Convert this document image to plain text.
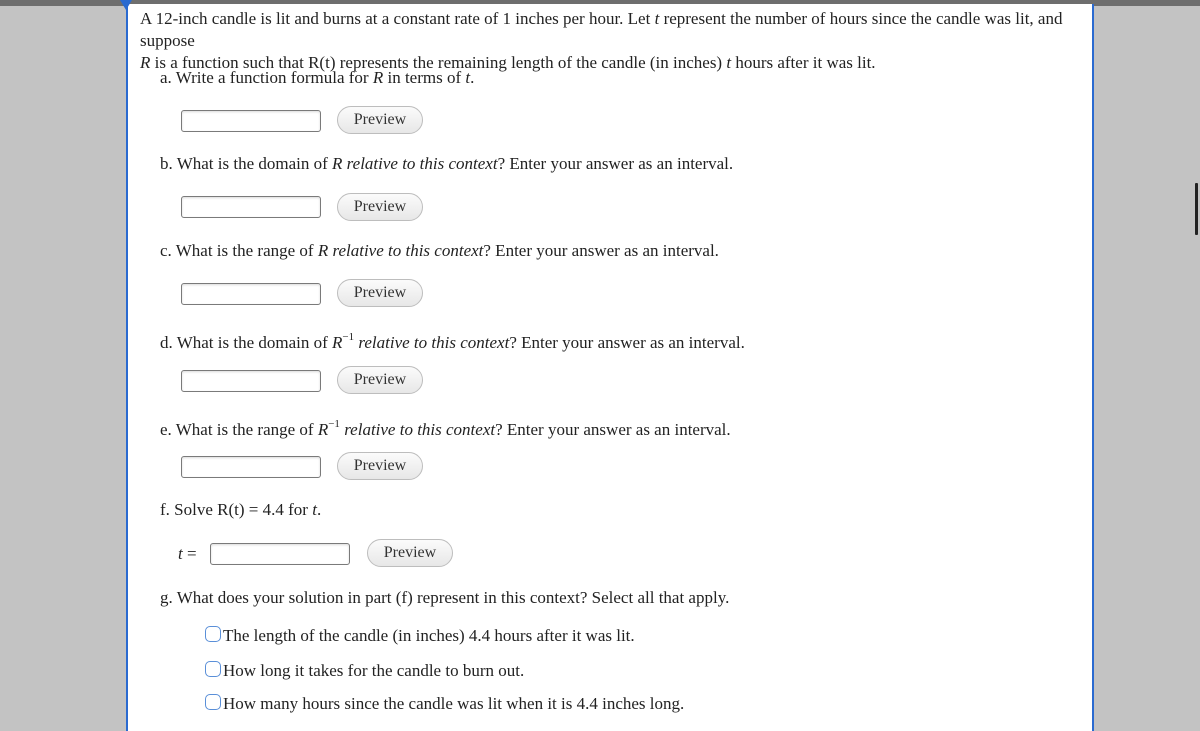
A 12-inch candle is lit and burns at a constant rate of 1 inches per hour. Let t represent the number of hours since the candle was lit, and suppose
R is a function such that R(t) represents the remaining length of the candle (in inches) t hours after it was lit.
a. Write a function formula for R in terms of t.
Preview
b. What is the domain of R relative to this context? Enter your answer as an interval.
Preview
c. What is the range of R relative to this context? Enter your answer as an interval.
Preview
d. What is the domain of $R^{-1}$ relative to this context? Enter your answer as an interval.
Preview
e. What is the range of $R^{-1}$ relative to this context? Enter your answer as an interval.
Preview
f. Solve R(t) = 4.4 for t.
t =	Preview
g. What does your solution in part (f) represent in this context? Select all that apply.
The length of the candle (in inches) 4.4 hours after it was lit.
How long it takes for the candle to burn out.
How many hours since the candle was lit when it is 4.4 inches long.
